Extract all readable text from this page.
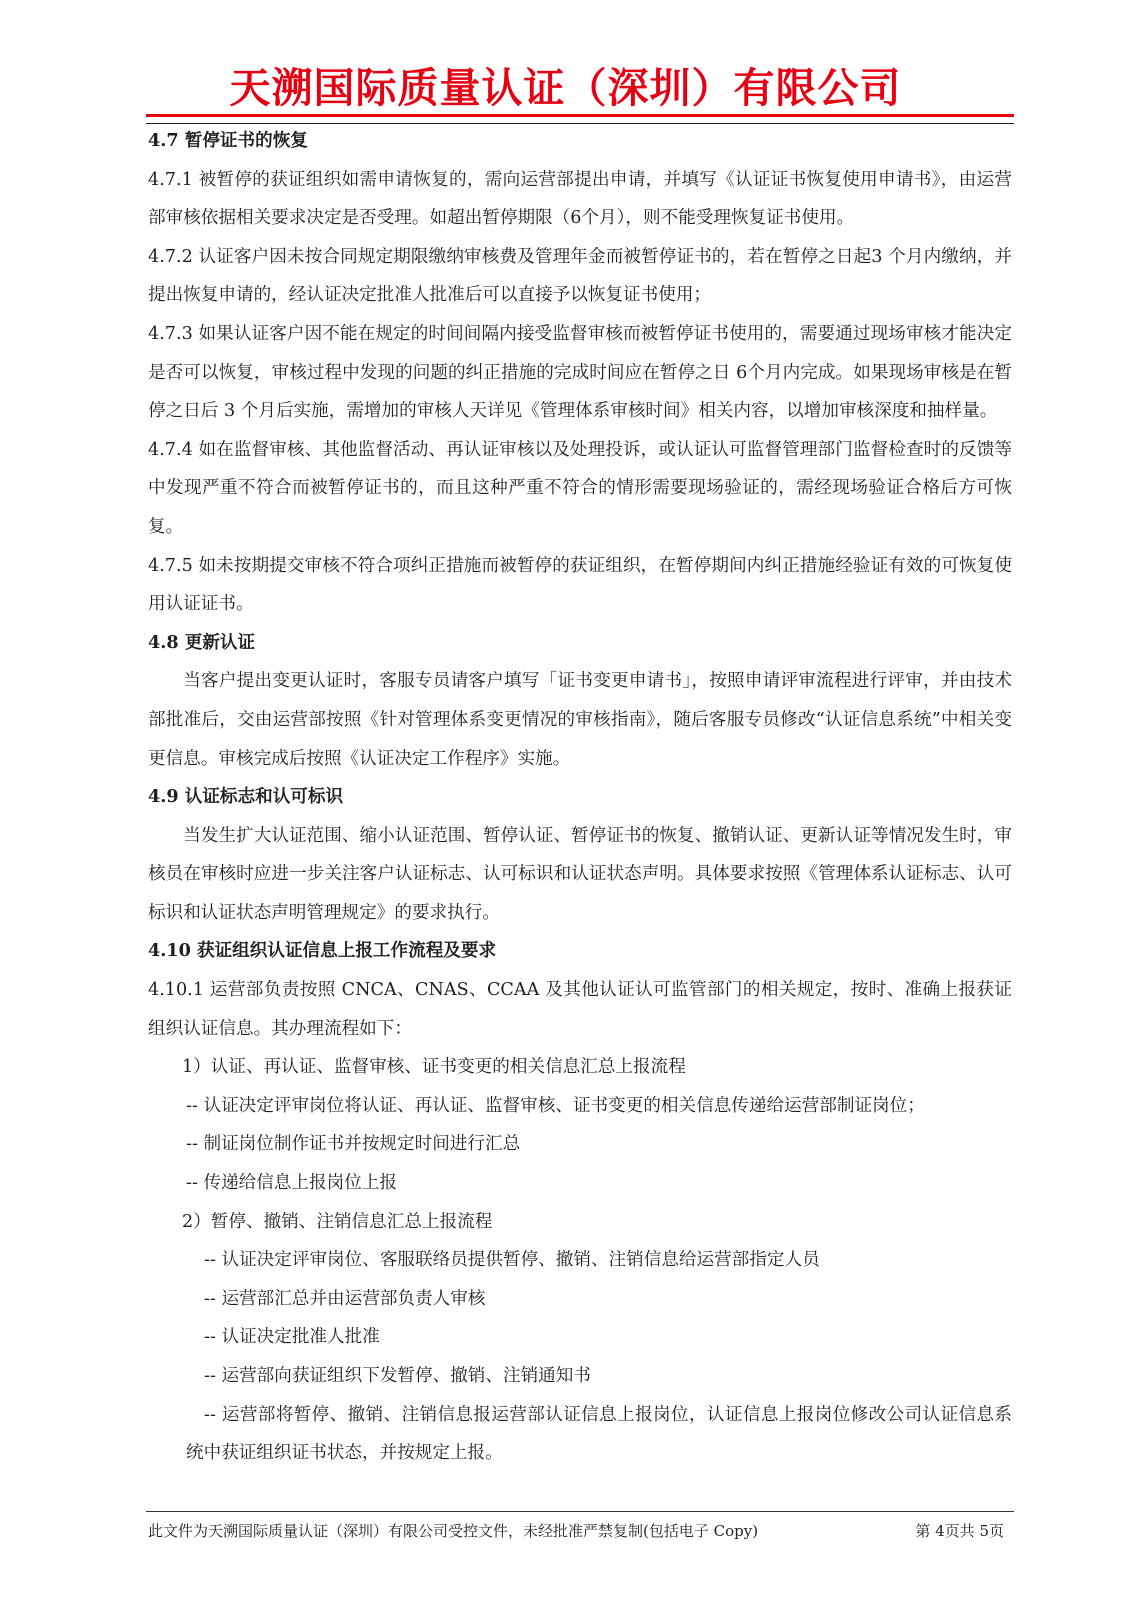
天溯国际质量认证（深圳）有限公司

4.7 暂停证书的恢复

4.7.1 被暂停的获证组织如需申请恢复的，需向运营部提出申请，并填写《认证证书恢复使用申请书》，由运营部审核依据相关要求决定是否受理。如超出暂停期限（6个月），则不能受理恢复证书使用。

4.7.2 认证客户因未按合同规定期限缴纳审核费及管理年金而被暂停证书的，若在暂停之日起3 个月内缴纳，并提出恢复申请的，经认证决定批准人批准后可以直接予以恢复证书使用；

4.7.3 如果认证客户因不能在规定的时间间隔内接受监督审核而被暂停证书使用的，需要通过现场审核才能决定是否可以恢复，审核过程中发现的问题的纠正措施的完成时间应在暂停之日 6个月内完成。如果现场审核是在暂停之日后 3 个月后实施，需增加的审核人天详见《管理体系审核时间》相关内容，以增加审核深度和抽样量。

4.7.4 如在监督审核、其他监督活动、再认证审核以及处理投诉，或认证认可监督管理部门监督检查时的反馈等中发现严重不符合而被暂停证书的，而且这种严重不符合的情形需要现场验证的，需经现场验证合格后方可恢复。

4.7.5 如未按期提交审核不符合项纠正措施而被暂停的获证组织，在暂停期间内纠正措施经验证有效的可恢复使用认证证书。

4.8 更新认证

当客户提出变更认证时，客服专员请客户填写「证书变更申请书」，按照申请评审流程进行评审，并由技术部批准后，交由运营部按照《针对管理体系变更情况的审核指南》，随后客服专员修改“认证信息系统”中相关变更信息。审核完成后按照《认证决定工作程序》实施。

4.9 认证标志和认可标识

当发生扩大认证范围、缩小认证范围、暂停认证、暂停证书的恢复、撤销认证、更新认证等情况发生时，审核员在审核时应进一步关注客户认证标志、认可标识和认证状态声明。具体要求按照《管理体系认证标志、认可标识和认证状态声明管理规定》的要求执行。

4.10 获证组织认证信息上报工作流程及要求

4.10.1 运营部负责按照 CNCA、CNAS、CCAA 及其他认证认可监管部门的相关规定，按时、准确上报获证组织认证信息。其办理流程如下：

1）认证、再认证、监督审核、证书变更的相关信息汇总上报流程

-- 认证决定评审岗位将认证、再认证、监督审核、证书变更的相关信息传递给运营部制证岗位；

-- 制证岗位制作证书并按规定时间进行汇总

-- 传递给信息上报岗位上报

2）暂停、撤销、注销信息汇总上报流程

-- 认证决定评审岗位、客服联络员提供暂停、撤销、注销信息给运营部指定人员

-- 运营部汇总并由运营部负责人审核

-- 认证决定批准人批准

-- 运营部向获证组织下发暂停、撤销、注销通知书

-- 运营部将暂停、撤销、注销信息报运营部认证信息上报岗位，认证信息上报岗位修改公司认证信息系统中获证组织证书状态，并按规定上报。

此文件为天溯国际质量认证（深圳）有限公司受控文件，未经批准严禁复制(包括电子 Copy)	第 4页共 5页
